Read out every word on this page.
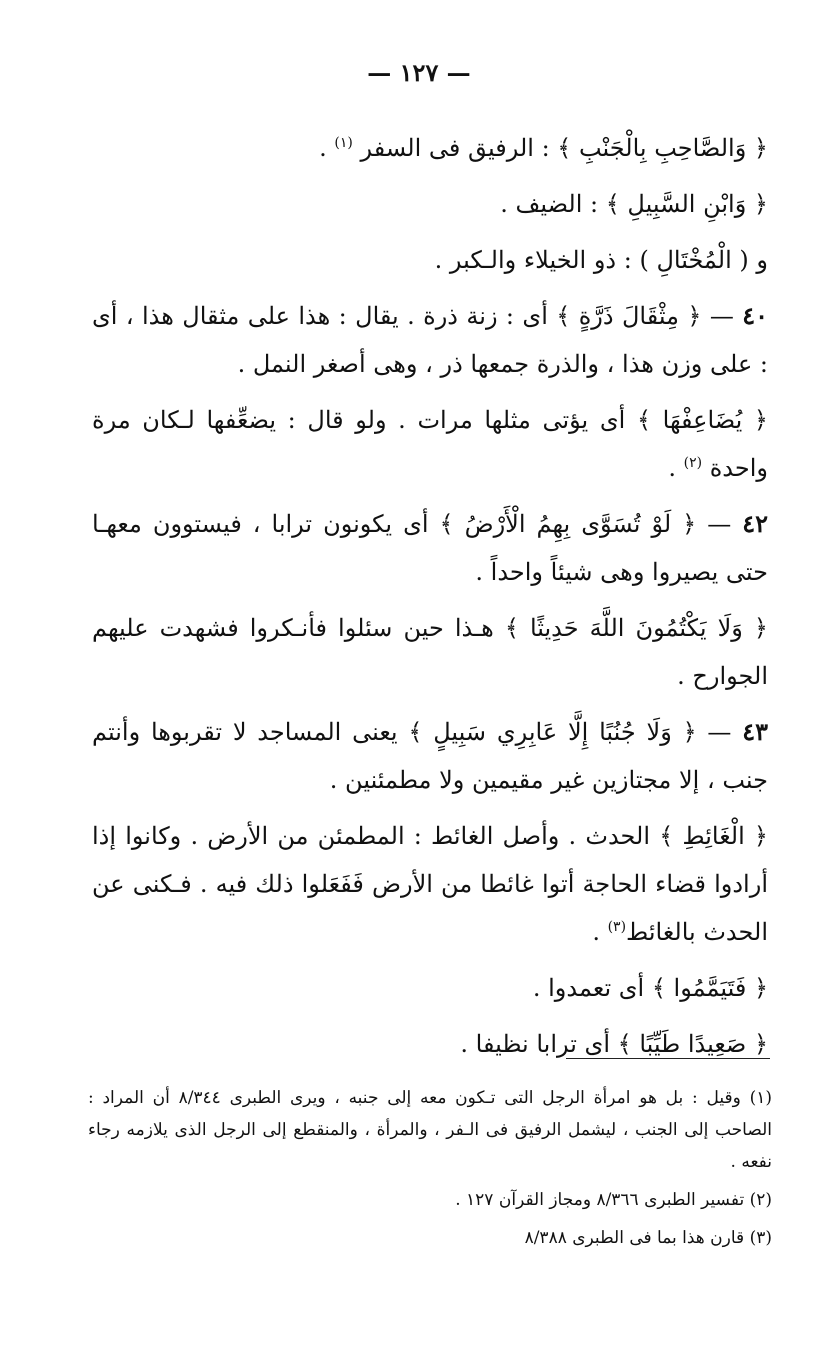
— ١٢٧ —

﴿ وَالصَّاحِبِ بِالْجَنْبِ ﴾ : الرفيق فى السفر $^{(١)}$ .

﴿ وَابْنِ السَّبِيلِ ﴾ : الضيف .

و ( الْمُخْتَالِ ) : ذو الخيلاء والـكبر .

٤٠ — ﴿ مِثْقَالَ ذَرَّةٍ ﴾ أى : زنة ذرة . يقال : هذا على مثقال هذا ، أى : على وزن هذا ، والذرة جمعها ذر ، وهى أصغر النمل .

﴿ يُضَاعِفْهَا ﴾ أى يؤتى مثلها مرات . ولو قال : يضعِّفها لـكان مرة واحدة $^{(٢)}$ .

٤٢ — ﴿ لَوْ تُسَوَّى بِهِمُ الْأَرْضُ ﴾ أى يكونون ترابا ، فيستوون معهـا حتى يصيروا وهى شيئاً واحداً .

﴿ وَلَا يَكْتُمُونَ اللَّهَ حَدِيثًا ﴾ هـذا حين سئلوا فأنـكروا فشهدت عليهم الجوارح .

٤٣ — ﴿ وَلَا جُنُبًا إِلَّا عَابِرِي سَبِيلٍ ﴾ يعنى المساجد لا تقربوها وأنتم جنب ، إلا مجتازين غير مقيمين ولا مطمئنين .

﴿ الْغَائِطِ ﴾ الحدث . وأصل الغائط : المطمئن من الأرض . وكانوا إذا أرادوا قضاء الحاجة أتوا غائطا من الأرض فَفَعَلوا ذلك فيه . فـكنى عن الحدث بالغائط$^{(٣)}$ .

﴿ فَتَيَمَّمُوا ﴾ أى تعمدوا .

﴿ صَعِيدًا طَيِّبًا ﴾ أى ترابا نظيفا .

(١) وقيل : بل هو امرأة الرجل التى تـكون معه إلى جنبه ، ويرى الطبرى ٨/٣٤٤ أن المراد : الصاحب إلى الجنب ، ليشمل الرفيق فى الـفر ، والمرأة ، والمنقطع إلى الرجل الذى يلازمه رجاء نفعه .

(٢) تفسير الطبرى ٨/٣٦٦ ومجاز القرآن ١٢٧ .

(٣) قارن هذا بما فى الطبرى ٨/٣٨٨
